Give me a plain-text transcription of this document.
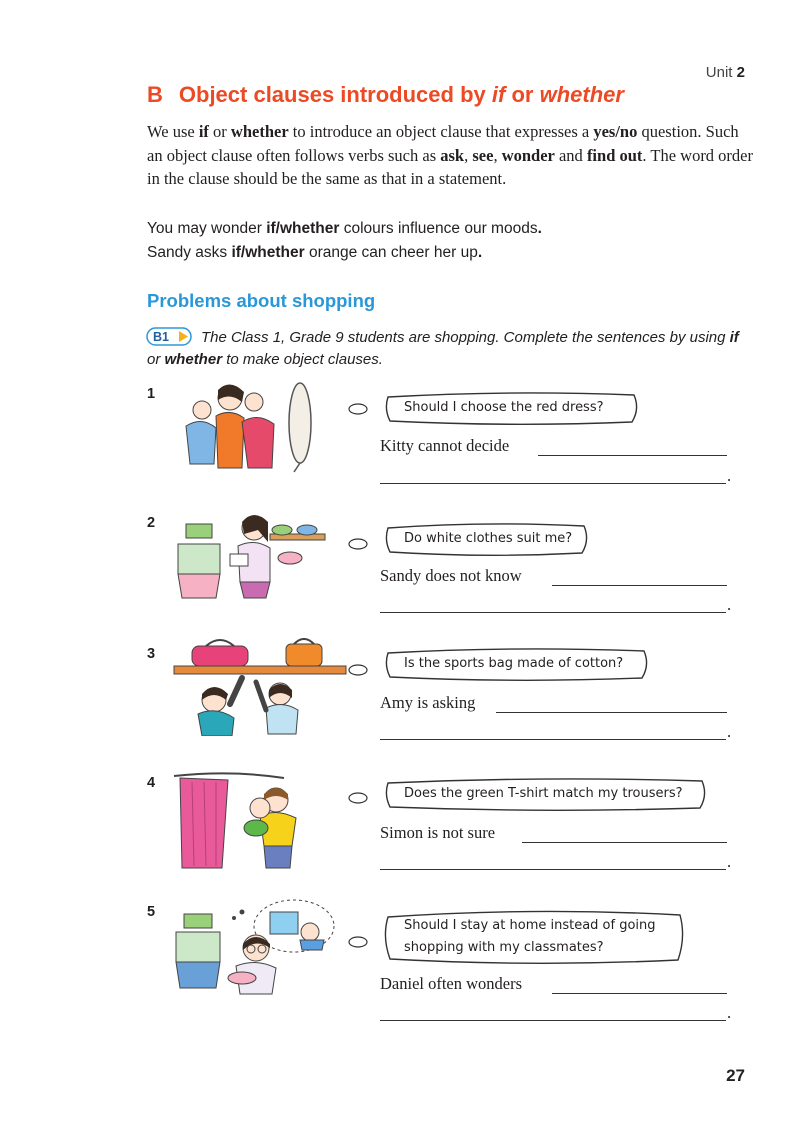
Unit 2
B Object clauses introduced by if or whether
We use if or whether to introduce an object clause that expresses a yes/no question. Such an object clause often follows verbs such as ask, see, wonder and find out. The word order in the clause should be the same as that in a statement.
You may wonder if/whether colours influence our moods.
Sandy asks if/whether orange can cheer her up.
Problems about shopping
B1	The Class 1, Grade 9 students are shopping. Complete the sentences by using if or whether to make object clauses.
1
Should I choose the red dress?
Kitty cannot decide
.
2
Do white clothes suit me?
Sandy does not know
.
3
Is the sports bag made of cotton?
Amy is asking
.
4
Does the green T-shirt match my trousers?
Simon is not sure
.
5
Should I stay at home instead of going
shopping with my classmates?
Daniel often wonders
.
27
